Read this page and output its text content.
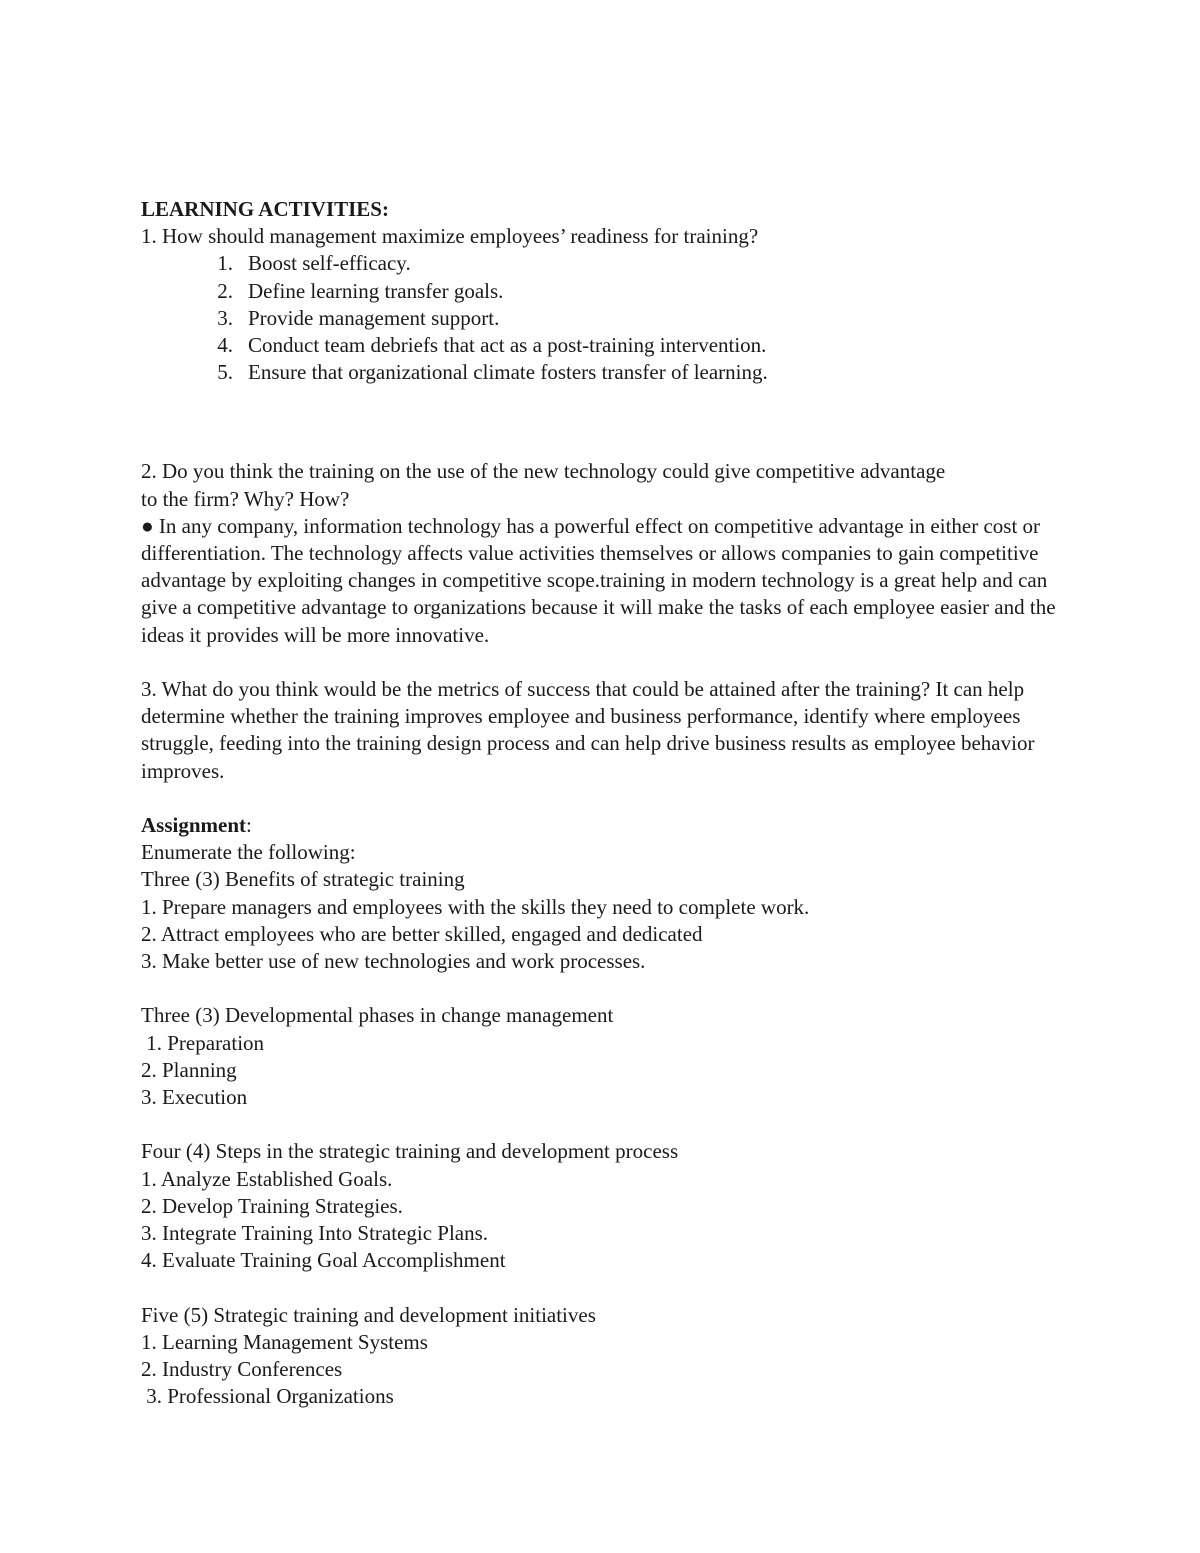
LEARNING ACTIVITIES:

1. How should management maximize employees’ readiness for training?

1. Boost self-efficacy.
2. Define learning transfer goals.
3. Provide management support.
4. Conduct team debriefs that act as a post-training intervention.
5. Ensure that organizational climate fosters transfer of learning.

2. Do you think the training on the use of the new technology could give competitive advantage

to the firm? Why? How?

● In any company, information technology has a powerful effect on competitive advantage in either cost or differentiation. The technology affects value activities themselves or allows companies to gain competitive advantage by exploiting changes in competitive scope.training in modern technology is a great help and can give a competitive advantage to organizations because it will make the tasks of each employee easier and the ideas it provides will be more innovative.

3. What do you think would be the metrics of success that could be attained after the training? It can help determine whether the training improves employee and business performance, identify where employees struggle, feeding into the training design process and can help drive business results as employee behavior improves.

Assignment:

Enumerate the following:

Three (3) Benefits of strategic training

1. Prepare managers and employees with the skills they need to complete work.

2. Attract employees who are better skilled, engaged and dedicated

3. Make better use of new technologies and work processes.

Three (3) Developmental phases in change management

1. Preparation

2. Planning

3. Execution

Four (4) Steps in the strategic training and development process

1. Analyze Established Goals.

2. Develop Training Strategies.

3. Integrate Training Into Strategic Plans.

4. Evaluate Training Goal Accomplishment

Five (5) Strategic training and development initiatives

1. Learning Management Systems

2. Industry Conferences

3. Professional Organizations
